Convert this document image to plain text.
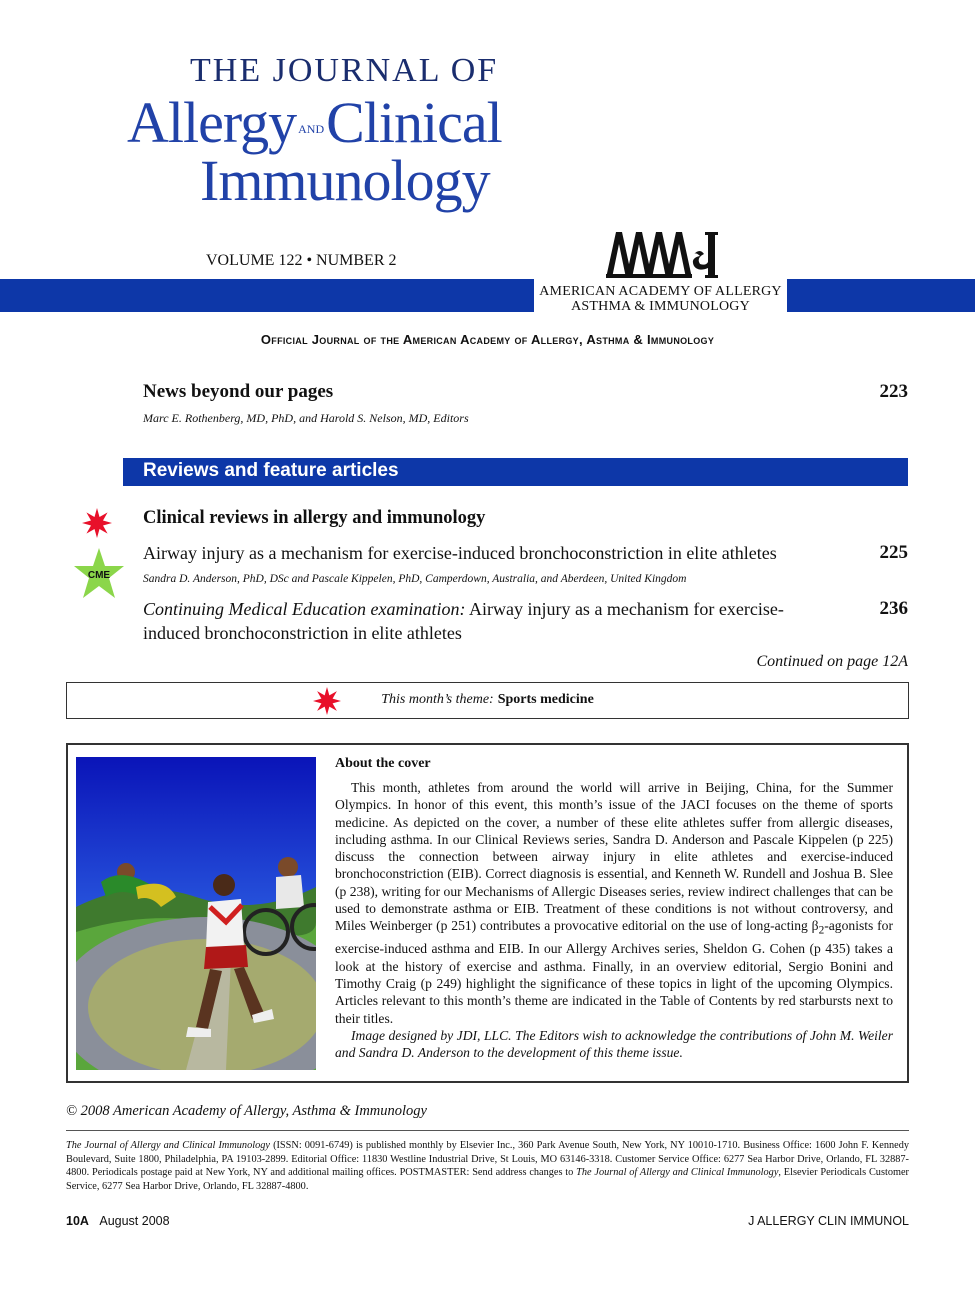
THE JOURNAL OF
Allergy ANDClinical
Immunology
VOLUME 122 • NUMBER 2
AMERICAN ACADEMY OF ALLERGY
ASTHMA & IMMUNOLOGY
Official Journal of the American Academy of Allergy, Asthma & Immunology
News beyond our pages	223
Marc E. Rothenberg, MD, PhD, and Harold S. Nelson, MD, Editors
Reviews and feature articles
Clinical reviews in allergy and immunology
CME
Airway injury as a mechanism for exercise-induced bronchoconstriction in elite athletes	225
Sandra D. Anderson, PhD, DSc and Pascale Kippelen, PhD, Camperdown, Australia, and Aberdeen, United Kingdom
Continuing Medical Education examination: Airway injury as a mechanism for exercise-
induced bronchoconstriction in elite athletes
236
Continued on page 12A
This month’s theme: Sports medicine
About the cover

This month, athletes from around the world will arrive in Beijing, China, for the Summer Olympics. In honor of this event, this month’s issue of the JACI focuses on the theme of sports medicine. As depicted on the cover, a number of these elite athletes suffer from allergic diseases, including asthma. In our Clinical Reviews series, Sandra D. Anderson and Pascale Kippelen (p 225) discuss the connection between airway injury in elite athletes and exercise-induced bronchoconstriction (EIB). Correct diagnosis is essential, and Kenneth W. Rundell and Joshua B. Slee (p 238), writing for our Mechanisms of Allergic Diseases series, review indirect challenges that can be used to demonstrate asthma or EIB. Treatment of these conditions is not without controversy, and Miles Weinberger (p 251) contributes a provocative editorial on the use of long-acting $\beta_2$-agonists for exercise-induced asthma and EIB. In our Allergy Archives series, Sheldon G. Cohen (p 435) takes a look at the history of exercise and asthma. Finally, in an overview editorial, Sergio Bonini and Timothy Craig (p 249) highlight the significance of these topics in light of the upcoming Olympics. Articles relevant to this month’s theme are indicated in the Table of Contents by red starbursts next to their titles.

Image designed by JDI, LLC. The Editors wish to acknowledge the contributions of John M. Weiler and Sandra D. Anderson to the development of this theme issue.

© 2008 American Academy of Allergy, Asthma & Immunology
The Journal of Allergy and Clinical Immunology (ISSN: 0091-6749) is published monthly by Elsevier Inc., 360 Park Avenue South, New York, NY 10010-1710. Business Office: 1600 John F. Kennedy Boulevard, Suite 1800, Philadelphia, PA 19103-2899. Editorial Office: 11830 Westline Industrial Drive, St Louis, MO 63146-3318. Customer Service Office: 6277 Sea Harbor Drive, Orlando, FL 32887-4800. Periodicals postage paid at New York, NY and additional mailing offices. POSTMASTER: Send address changes to The Journal of Allergy and Clinical Immunology, Elsevier Periodicals Customer Service, 6277 Sea Harbor Drive, Orlando, FL 32887-4800.
10A August 2008	J ALLERGY CLIN IMMUNOL
